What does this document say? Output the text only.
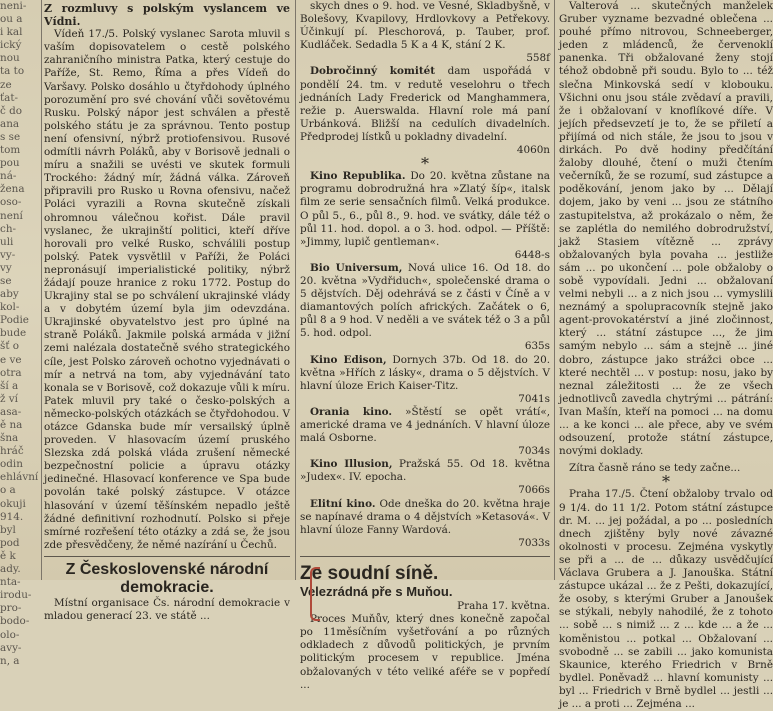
neni-

ou a

i kal

ický

nou

ta to

ze

ťat-

č do

ana

s se

tom

pou

ná-

žena

oso-

není

ch-

uli

vy-

vy

se

aby

kol-

Podie

bude

šť o

e ve

otra

ší a

ž ví

asa-

ě na

šna

hráč

odin

ehlávní

o a

okuji

914.

byl

pod

ě k

ady.

nta-

irodu-

pro-

bodo-

olo-

avy-

n, a

Z rozmluvy s polským vyslancem ve Vídni.

Vídeň 17./5. Polský vyslanec Sarota mluvil s vaším dopisovatelem o cestě polského zahraničního ministra Patka, který cestuje do Paříže, St. Remo, Říma a přes Vídeň do Varšavy. Polsko dosáhlo u čtyřdohody úplného porozumění pro své chování vůči sovětovému Rusku. Polský nápor jest schválen a přestě polského státu je za správnou. Tento postup není ofensivní, nýbrž protiofensivou. Rusové odmítli návrh Poláků, aby v Borisově jednali o míru a snažili se uvésti ve skutek formuli Trockého: žádný mír, žádná válka. Zároveň připravili pro Rusko u Rovna ofensivu, načež Poláci vyrazili a Rovna skutečně získali ohromnou válečnou kořist. Dále pravil vyslanec, že ukrajinští politici, kteří dříve horovali pro velké Rusko, schválili postup polský. Patek vysvětlil v Paříži, že Poláci nepronásují imperialistické politiky, nýbrž žádají pouze hranice z roku 1772. Postup do Ukrajiny stal se po schválení ukrajinské vlády a v dobytém území byla jim odevzdána. Ukrajinské obyvatelstvo jest pro úplné na straně Poláků. Jakmile polská armáda v jižní zemi nalézala dostatečně svého strategického cíle, jest Polsko zároveň ochotno vyjednávati o mír a netrvá na tom, aby vyjednávání tato konala se v Borisově, což dokazuje vůli k míru. Patek mluvil pry také o česko-polských a německo-polských otázkách se čtyřdohodou. V otázce Gdanska bude mír versailský úplně proveden. V hlasovacím území pruského Slezska zdá polská vláda zrušení německé bezpečnostní policie a úpravu otázky jedinečné. Hlasovací konference ve Spa bude povolán také polský zástupce. V otázce hlasování v území těšínském nepadlo ještě žádné definitivní rozhodnutí. Polsko si přeje smírné rozřešení této otázky a zdá se, že jsou zde přesvědčeny, že němé nazírání u Čechů.

Z Československé národní demokracie.

Místní organisace Čs. národní demokracie v mladou generací 23. ve státě ...

skych dnes o 9. hod. ve Vesné, Skladbyšně, v Bolešovy, Kvapilovy, Hrdlovkovy a Petřekovy. Účinkují pí. Pleschorová, p. Tauber, prof. Kudláček. Sedadla 5 K a 4 K, stání 2 K.

558f

Dobročinný komitét dam uspořádá v pondělí 24. tm. v redutě veselohru o třech jednáních Lady Frederick od Manghammera, režie p. Auerswalda. Hlavní role má paní Urbánková. Bližší na cedulích divadelních. Předprodej lístků u pokladny divadelní.

4060n

*

Kino Republika. Do 20. května zůstane na programu dobrodružná hra »Zlatý šíp«, italsk film ze serie sensačních filmů. Velká produkce. O půl 5., 6., půl 8., 9. hod. ve svátky, dále též o půl 11. hod. dopol. a o 3. hod. odpol. — Příště: »Jimmy, lupič gentleman«.

6448-s

Bio Universum, Nová ulice 16. Od 18. do 20. května »Vydřiduch«, společenské drama o 5 dějstvích. Děj odehrává se z části v Číně a v diamantových polích afrických. Začátek o 6, půl 8 a 9 hod. V neděli a ve svátek též o 3 a půl 5. hod. odpol.

635s

Kino Edison, Dornych 37b. Od 18. do 20. května »Hřích z lásky«, drama o 5 dějstvích. V hlavní úloze Erich Kaiser-Titz.

7041s

Orania kino. »Štěstí se opět vrátí«, americké drama ve 4 jednáních. V hlavní úloze malá Osborne.

7034s

Kino Illusion, Pražská 55. Od 18. května »Judex«. IV. epocha.

7066s

Elitní kino. Ode dneška do 20. května hraje se napínavé drama o 4 dějstvích »Ketasová«. V hlavní úloze Fanny Wardová.

7033s

Ze soudní síně.

Velezrádná pře s Muňou.

Praha 17. května.

Proces Muňův, který dnes konečně započal po 11měsíčním vyšetřování a po různých odkladech z důvodů politických, je prvním politickým procesem v republice. Jména obžalovaných v této veliké aféře se v popředí ...

Valterová ... skutečných manželek Gruber vyzname bezvadné oblečena ... pouhé přímo nitrovou, Schneeberger, jeden z mládenců, že červenoklí panenka. Tři obžalované ženy stojí téhož obdobně při soudu. Bylo to ... též slečna Minkovská sedí v klobouku. Všichni onu jsou stále zvědaví a pravili, že i obžalovaní v knoflíkové díře. V jejích předsevzetí je to, že se přiletí a přijímá od nich stále, že jsou to jsou v dirkách. Po dvě hodiny předčítání žaloby dlouhé, čtení o muži čtením večerníků, že se rozumí, sud zástupce a poděkování, jenom jako by ... Dělají dojem, jako by veni ... jsou ze státního zastupitelstva, až prokázalo o něm, že se zaplétla do nemilého dobrodružství, jakž Stasiem vítězně ... zprávy obžalovaných byla povaha ... jestliže sám ... po ukončení ... pole obžaloby o sobě vypovídali. Jedni ... obžalovaní velmi nebyli ... a z nich jsou ... vymyslili neznámý a spolupracovník stejně jako agent-provokatérství a jiné zločinnost, který ... státní zástupce ..., že jim samým nebylo ... sám a stejně ... jiné dobro, zástupce jako strážci obce ... které nechtěl ... v postup: nosu, jako by neznal záležitosti ... že ze všech jednotlivců zavedla chytrými ... pátrání: Ivan Mašín, kteří na pomoci ... na domu ... a ke konci ... ale přece, aby ve svém odsouzení, protože státní zástupce, novými doklady.

Zítra časně ráno se tedy začne...

*

Praha 17./5. Čtení obžaloby trvalo od 9 1/4. do 11 1/2. Potom státní zástupce dr. M. ... jej požádal, a po ... posledních dnech zjištěny byly nové závazné okolnosti v procesu. Zejména vyskytly se při a ... de ... důkazy usvědčující Václava Grubera a J. Janouška. Státní zástupce ukázal ... že z Pešti, dokazující, že osoby, s kterými Gruber a Janoušek se stýkali, nebyly nahodilé, že z tohoto ... sobě ... s nimiž ... z ... kde ... a že ... koměnistou ... potkal ... Obžalovaní ... svobodně ... se zabili ... jako komunista Skaunice, kterého Friedrich v Brně bydlel. Poněvadž ... hlavní komunisty ... byl ... Friedrich v Brně bydlel ... jestli ... je ... a proti ... Zejména ...
